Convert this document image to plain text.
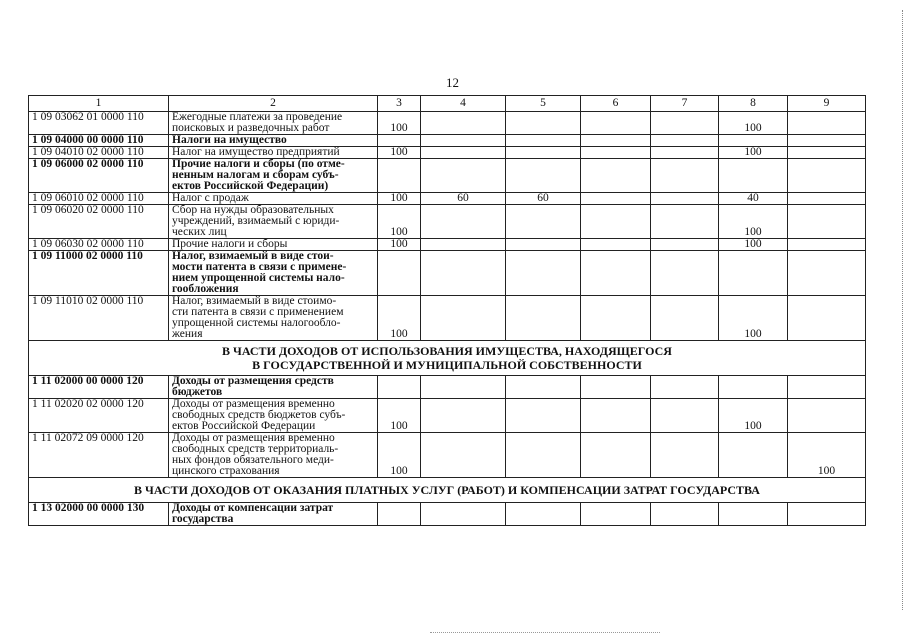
12
1	2	3	4	5	6	7	8	9
1 09 03062 01 0000 110	Ежегодные платежи за проведение
поисковых и разведочных работ	100					100	
1 09 04000 00 0000 110	Налоги на имущество							

1 09 04010 02 0000 110	Налог на имущество предприятий	100					100	
1 09 06000 02 0000 110	Прочие налоги и сборы (по отме-
ненным налогам и сборам субъ-
ектов Российской Федерации)							

1 09 06010 02 0000 110	Налог с продаж	100	60	60			40	
1 09 06020 02 0000 110	Сбор на нужды образовательных
учреждений, взимаемый с юриди-
ческих лиц	100					100	
1 09 06030 02 0000 110	Прочие налоги и сборы	100					100	
1 09 11000 02 0000 110	Налог, взимаемый в виде стои-
мости патента в связи с примене-
нием упрощенной системы нало-
гообложения							

1 09 11010 02 0000 110	Налог, взимаемый в виде стоимо-
сти патента в связи с применением
упрощенной системы налогообло-
жения	100					100	

В ЧАСТИ ДОХОДОВ ОТ ИСПОЛЬЗОВАНИЯ ИМУЩЕСТВА, НАХОДЯЩЕГОСЯ
В ГОСУДАРСТВЕННОЙ И МУНИЦИПАЛЬНОЙ СОБСТВЕННОСТИ								

1 11 02000 00 0000 120	Доходы от размещения средств
бюджетов							

1 11 02020 02 0000 120	Доходы от размещения временно
свободных средств бюджетов субъ-
ектов Российской Федерации	100					100	
1 11 02072 09 0000 120	Доходы от размещения временно
свободных средств территориаль-
ных фондов обязательного меди-
цинского страхования	100						100

В ЧАСТИ ДОХОДОВ ОТ ОКАЗАНИЯ ПЛАТНЫХ УСЛУГ (РАБОТ) И КОМПЕНСАЦИИ ЗАТРАТ ГОСУДАРСТВА								

1 13 02000 00 0000 130	Доходы от компенсации затрат
государства							
